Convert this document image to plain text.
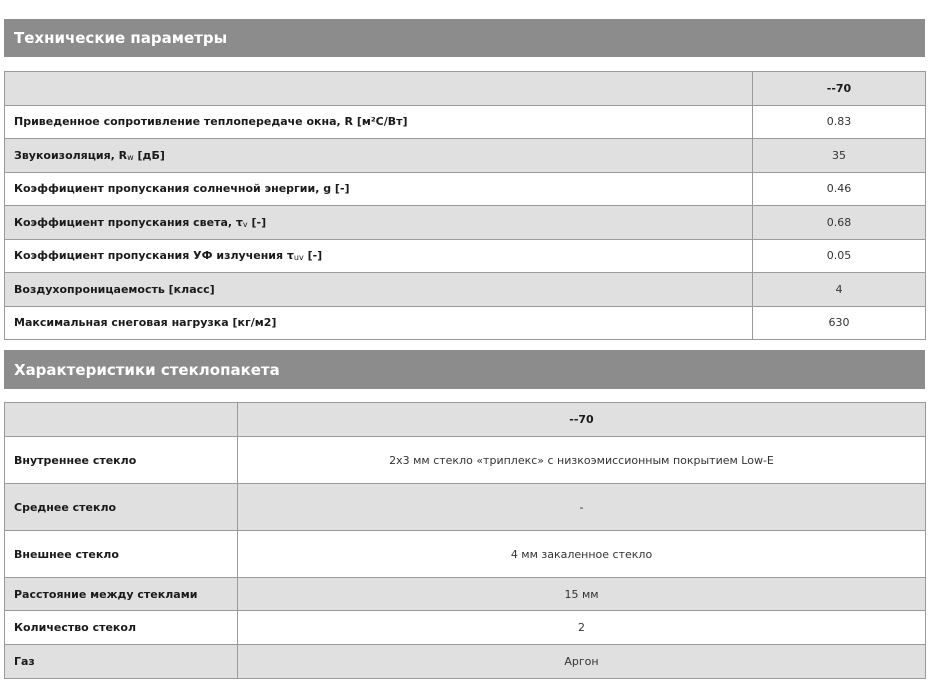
Технические параметры
	--70
Приведенное сопротивление теплопередаче окна, R [м²С/Вт]	0.83
Звукоизоляция, Rw [дБ]	35
Коэффициент пропускания солнечной энергии, g [-]	0.46
Коэффициент пропускания света, τv [-]	0.68
Коэффициент пропускания УФ излучения τuv [-]	0.05
Воздухопроницаемость [класс]	4
Максимальная снеговая нагрузка [кг/м2]	630
Характеристики стеклопакета
	--70
Внутреннее стекло	2х3 мм стекло «триплекс» с низкоэмиссионным покрытием Low-E
Среднее стекло	-
Внешнее стекло	4 мм закаленное стекло
Расстояние между стеклами	15 мм
Количество стекол	2
Газ	Аргон
